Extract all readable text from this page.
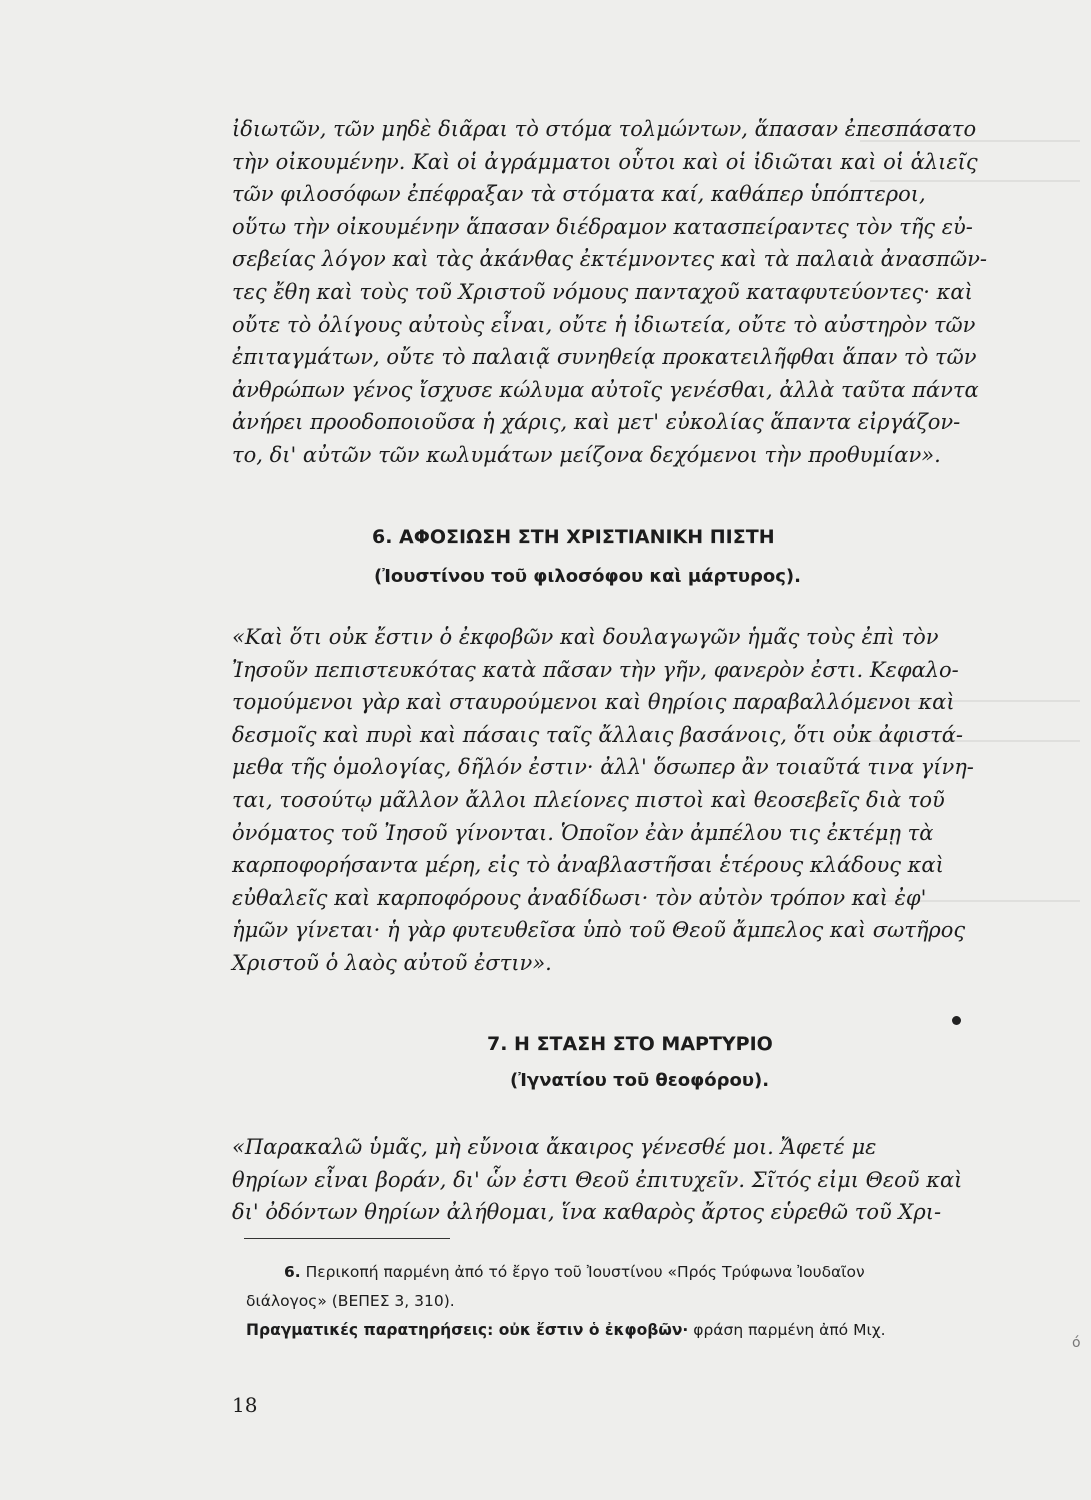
ἰδιωτῶν, τῶν μηδὲ διᾶραι τὸ στόμα τολμώντων, ἅπασαν ἐπεσπάσατο
τὴν οἰκουμένην. Καὶ οἱ ἀγράμματοι οὗτοι καὶ οἱ ἰδιῶται καὶ οἱ ἁλιεῖς
τῶν φιλοσόφων ἐπέφραξαν τὰ στόματα καί, καθάπερ ὑπόπτεροι,
οὕτω τὴν οἰκουμένην ἅπασαν διέδραμον κατασπείραντες τὸν τῆς εὐ-
σεβείας λόγον καὶ τὰς ἀκάνθας ἐκτέμνοντες καὶ τὰ παλαιὰ ἀνασπῶν-
τες ἔθη καὶ τοὺς τοῦ Χριστοῦ νόμους πανταχοῦ καταφυτεύοντες· καὶ
οὔτε τὸ ὀλίγους αὐτοὺς εἶναι, οὔτε ἡ ἰδιωτεία, οὔτε τὸ αὐστηρὸν τῶν
ἐπιταγμάτων, οὔτε τὸ παλαιᾷ συνηθείᾳ προκατειλῆφθαι ἅπαν τὸ τῶν
ἀνθρώπων γένος ἴσχυσε κώλυμα αὐτοῖς γενέσθαι, ἀλλὰ ταῦτα πάντα
ἀνήρει προοδοποιοῦσα ἡ χάρις, καὶ μετ' εὐκολίας ἅπαντα εἰργάζον-
το, δι' αὐτῶν τῶν κωλυμάτων μείζονα δεχόμενοι τὴν προθυμίαν».
6. ΑΦΟΣΙΩΣΗ ΣΤΗ ΧΡΙΣΤΙΑΝΙΚΗ ΠΙΣΤΗ
(Ἰουστίνου τοῦ φιλοσόφου καὶ μάρτυρος).
«Καὶ ὅτι οὐκ ἔστιν ὁ ἐκφοβῶν καὶ δουλαγωγῶν ἡμᾶς τοὺς ἐπὶ τὸν
Ἰησοῦν πεπιστευκότας κατὰ πᾶσαν τὴν γῆν, φανερὸν ἐστι. Κεφαλο-
τομούμενοι γὰρ καὶ σταυρούμενοι καὶ θηρίοις παραβαλλόμενοι καὶ
δεσμοῖς καὶ πυρὶ καὶ πάσαις ταῖς ἄλλαις βασάνοις, ὅτι οὐκ ἀφιστά-
μεθα τῆς ὁμολογίας, δῆλόν ἐστιν· ἀλλ' ὅσωπερ ἂν τοιαῦτά τινα γίνη-
ται, τοσούτῳ μᾶλλον ἄλλοι πλείονες πιστοὶ καὶ θεοσεβεῖς διὰ τοῦ
ὀνόματος τοῦ Ἰησοῦ γίνονται. Ὁποῖον ἐὰν ἀμπέλου τις ἐκτέμῃ τὰ
καρποφορήσαντα μέρη, εἰς τὸ ἀναβλαστῆσαι ἑτέρους κλάδους καὶ
εὐθαλεῖς καὶ καρποφόρους ἀναδίδωσι· τὸν αὐτὸν τρόπον καὶ ἐφ'
ἡμῶν γίνεται· ἡ γὰρ φυτευθεῖσα ὑπὸ τοῦ Θεοῦ ἄμπελος καὶ σωτῆρος
Χριστοῦ ὁ λαὸς αὐτοῦ ἐστιν».
7. Η ΣΤΑΣΗ ΣΤΟ ΜΑΡΤΥΡΙΟ
(Ἰγνατίου τοῦ θεοφόρου).
«Παρακαλῶ ὑμᾶς, μὴ εὔνοια ἄκαιρος γένεσθέ μοι. Ἄφετέ με
θηρίων εἶναι βοράν, δι' ὧν ἐστι Θεοῦ ἐπιτυχεῖν. Σῖτός εἰμι Θεοῦ καὶ
δι' ὀδόντων θηρίων ἀλήθομαι, ἵνα καθαρὸς ἄρτος εὑρεθῶ τοῦ Χρι-
6. Περικοπή παρμένη ἀπό τό ἔργο τοῦ Ἰουστίνου «Πρός Τρύφωνα Ἰουδαῖον
διάλογος» (ΒΕΠΕΣ 3, 310).
Πραγματικές παρατηρήσεις: οὐκ ἔστιν ὁ ἐκφοβῶν· φράση παρμένη ἀπό Μιχ.
18
ó
